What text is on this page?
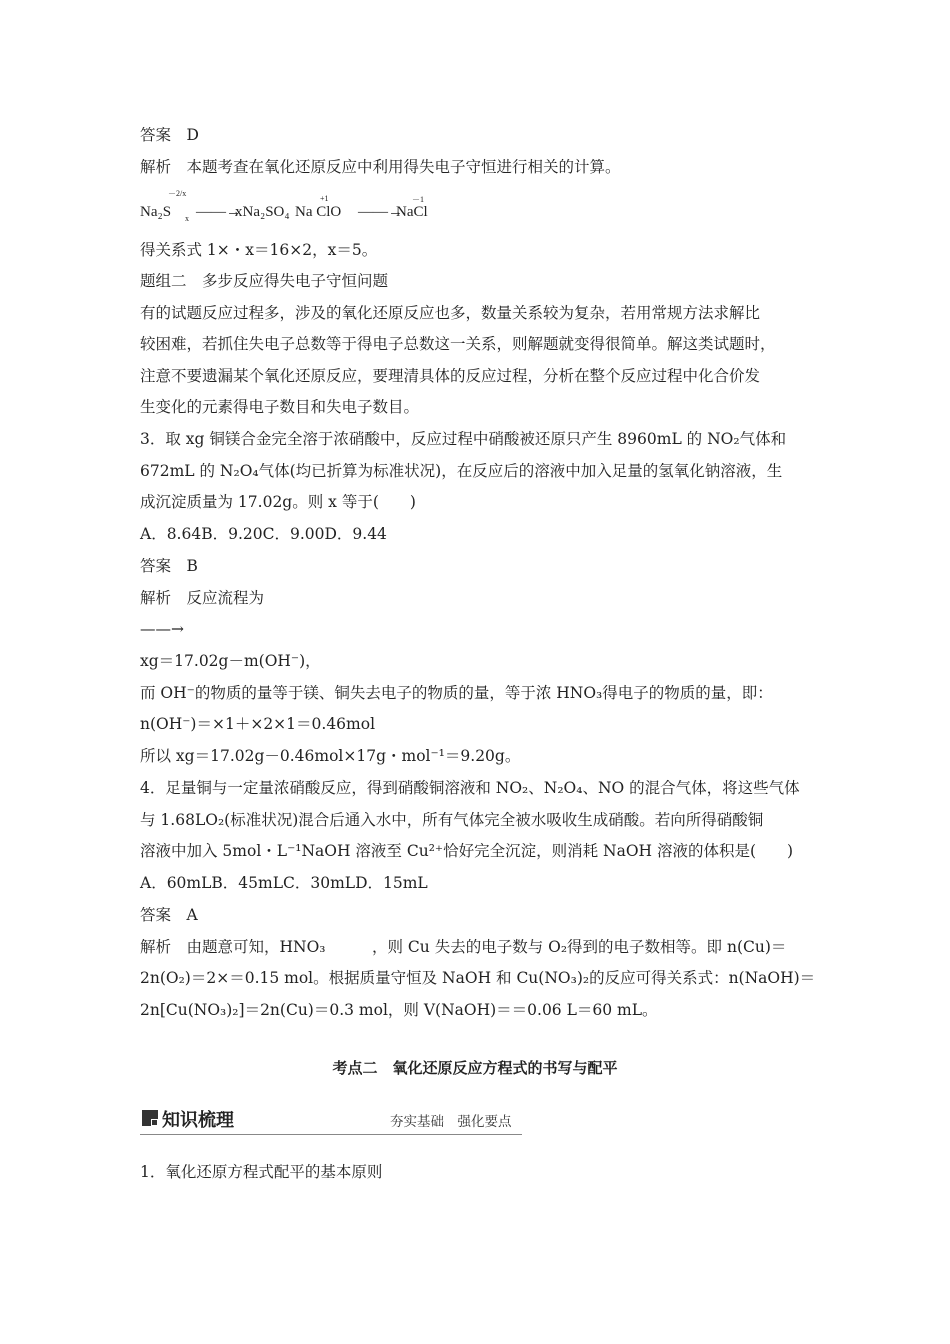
答案　D
解析　本题考查在氧化还原反应中利用得失电子守恒进行相关的计算。
Na₂S
－2/x
x ——→
xNa₂SO₄ Na ClO
+1
——→
NaCl
－1
得关系式 1×・x＝16×2，x＝5。
题组二　多步反应得失电子守恒问题
有的试题反应过程多，涉及的氧化还原反应也多，数量关系较为复杂，若用常规方法求解比
较困难，若抓住失电子总数等于得电子总数这一关系，则解题就变得很简单。解这类试题时，
注意不要遗漏某个氧化还原反应，要理清具体的反应过程，分析在整个反应过程中化合价发
生变化的元素得电子数目和失电子数目。
3．取 xg 铜镁合金完全溶于浓硝酸中，反应过程中硝酸被还原只产生 8960mL 的 NO₂气体和
672mL 的 N₂O₄气体(均已折算为标准状况)，在反应后的溶液中加入足量的氢氧化钠溶液，生
成沉淀质量为 17.02g。则 x 等于(　　)
A．8.64B．9.20C．9.00D．9.44
答案　B
解析　反应流程为
——→
xg＝17.02g－m(OH⁻)，
而 OH⁻的物质的量等于镁、铜失去电子的物质的量，等于浓 HNO₃得电子的物质的量，即：
n(OH⁻)＝×1＋×2×1＝0.46mol
所以 xg＝17.02g－0.46mol×17g・mol⁻¹＝9.20g。
4．足量铜与一定量浓硝酸反应，得到硝酸铜溶液和 NO₂、N₂O₄、NO 的混合气体，将这些气体
与 1.68LO₂(标准状况)混合后通入水中，所有气体完全被水吸收生成硝酸。若向所得硝酸铜
溶液中加入 5mol・L⁻¹NaOH 溶液至 Cu²⁺恰好完全沉淀，则消耗 NaOH 溶液的体积是(　　)
A．60mLB．45mLC．30mLD．15mL
答案　A
解析　由题意可知，HNO₃　　　，则 Cu 失去的电子数与 O₂得到的电子数相等。即 n(Cu)＝
2n(O₂)＝2×＝0.15 mol。根据质量守恒及 NaOH 和 Cu(NO₃)₂的反应可得关系式：n(NaOH)＝
2n[Cu(NO₃)₂]＝2n(Cu)＝0.3 mol，则 V(NaOH)＝＝0.06 L＝60 mL。
考点二　氧化还原反应方程式的书写与配平
知识梳理	夯实基础　强化要点
1．氧化还原方程式配平的基本原则
